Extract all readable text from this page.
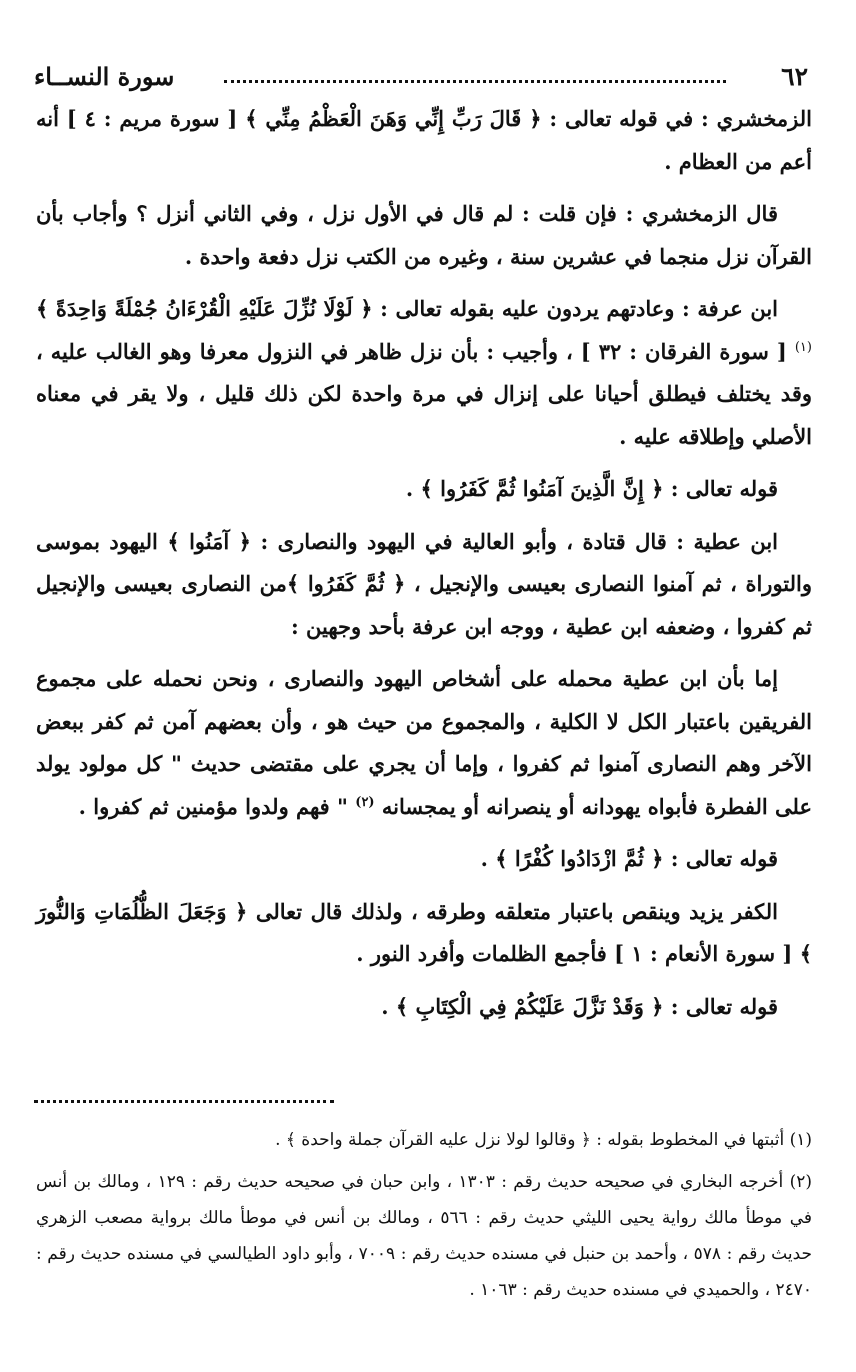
٦٢
سورة النســاء

الزمخشري : في قوله تعالى : ﴿ قَالَ رَبِّ إِنِّي وَهَنَ الْعَظْمُ مِنِّي ﴾ [ سورة مريم : ٤ ] أنه أعم من العظام .

قال الزمخشري : فإن قلت : لم قال في الأول نزل ، وفي الثاني أنزل ؟ وأجاب بأن القرآن نزل منجما في عشرين سنة ، وغيره من الكتب نزل دفعة واحدة .

ابن عرفة : وعادتهم يردون عليه بقوله تعالى : ﴿ لَوْلَا نُزِّلَ عَلَيْهِ الْقُرْءَانُ جُمْلَةً وَاحِدَةً ﴾$^{(١)}$ [ سورة الفرقان : ٣٢ ] ، وأجيب : بأن نزل ظاهر في النزول معرفا وهو الغالب عليه ، وقد يختلف فيطلق أحيانا على إنزال في مرة واحدة لكن ذلك قليل ، ولا يقر في معناه الأصلي وإطلاقه عليه .

قوله تعالى : ﴿ إِنَّ الَّذِينَ آمَنُوا ثُمَّ كَفَرُوا ﴾ .

ابن عطية : قال قتادة ، وأبو العالية في اليهود والنصارى : ﴿ آمَنُوا ﴾ اليهود بموسى والتوراة ، ثم آمنوا النصارى بعيسى والإنجيل ، ﴿ ثُمَّ كَفَرُوا ﴾من النصارى بعيسى والإنجيل ثم كفروا ، وضعفه ابن عطية ، ووجه ابن عرفة بأحد وجهين :

إما بأن ابن عطية محمله على أشخاص اليهود والنصارى ، ونحن نحمله على مجموع الفريقين باعتبار الكل لا الكلية ، والمجموع من حيث هو ، وأن بعضهم آمن ثم كفر ببعض الآخر وهم النصارى آمنوا ثم كفروا ، وإما أن يجري على مقتضى حديث " كل مولود يولد على الفطرة فأبواه يهودانه أو ينصرانه أو يمجسانه $^{(٢)}$ " فهم ولدوا مؤمنين ثم كفروا .

قوله تعالى : ﴿ ثُمَّ ازْدَادُوا كُفْرًا ﴾ .

الكفر يزيد وينقص باعتبار متعلقه وطرقه ، ولذلك قال تعالى ﴿ وَجَعَلَ الظُّلُمَاتِ وَالنُّورَ ﴾ [ سورة الأنعام : ١ ] فأجمع الظلمات وأفرد النور .

قوله تعالى : ﴿ وَقَدْ نَزَّلَ عَلَيْكُمْ فِي الْكِتَابِ ﴾ .

(١) أثبتها في المخطوط بقوله : ﴿ وقالوا لولا نزل عليه القرآن جملة واحدة ﴾ .

(٢) أخرجه البخاري في صحيحه حديث رقم : ١٣٠٣ ، وابن حبان في صحيحه حديث رقم : ١٢٩ ، ومالك بن أنس في موطأ مالك رواية يحيى الليثي حديث رقم : ٥٦٦ ، ومالك بن أنس في موطأ مالك برواية مصعب الزهري حديث رقم : ٥٧٨ ، وأحمد بن حنبل في مسنده حديث رقم : ٧٠٠٩ ، وأبو داود الطيالسي في مسنده حديث رقم : ٢٤٧٠ ، والحميدي في مسنده حديث رقم : ١٠٦٣ .
